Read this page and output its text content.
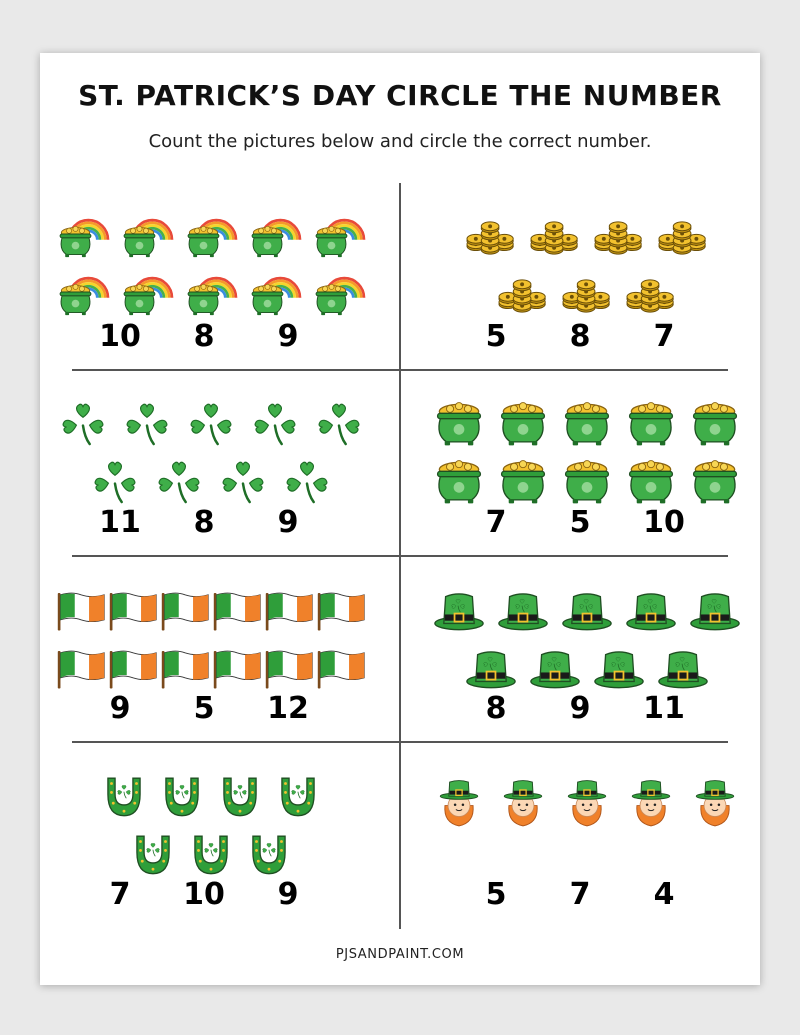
ST. PATRICK’S DAY CIRCLE THE NUMBER
Count the pictures below and circle the correct number.
10	8	9	5	8	7
11	8	9	7	5	10
9	5	12	8	9	11
7	10	9	5	7	4
PJSANDPAINT.COM
